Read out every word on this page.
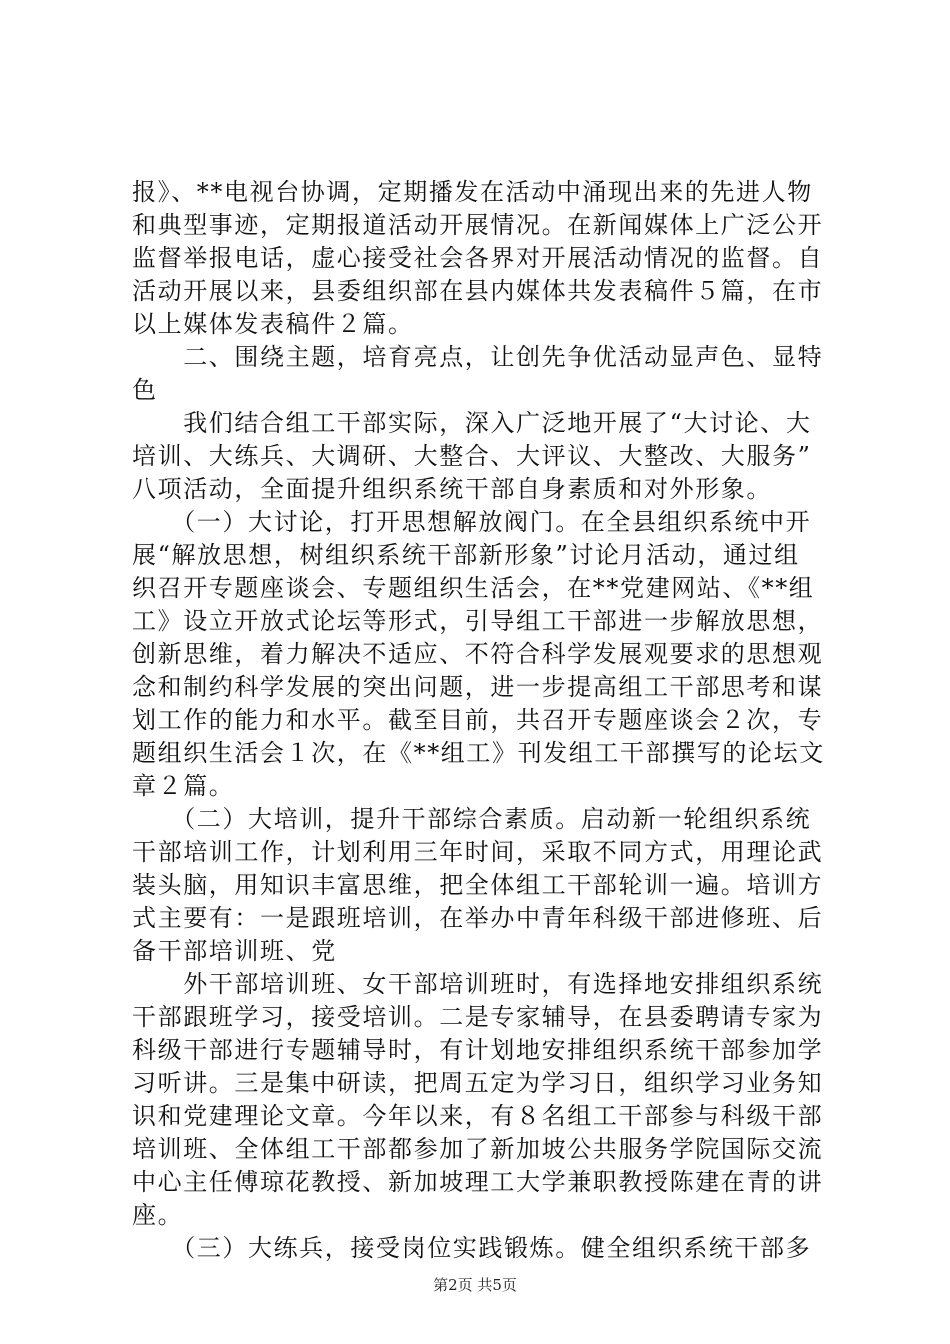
报》、**电视台协调，定期播发在活动中涌现出来的先进人物
和典型事迹，定期报道活动开展情况。在新闻媒体上广泛公开
监督举报电话，虚心接受社会各界对开展活动情况的监督。自
活动开展以来，县委组织部在县内媒体共发表稿件５篇，在市
以上媒体发表稿件２篇。
　　二、围绕主题，培育亮点，让创先争优活动显声色、显特
色
　　我们结合组工干部实际，深入广泛地开展了“大讨论、大
培训、大练兵、大调研、大整合、大评议、大整改、大服务”
八项活动，全面提升组织系统干部自身素质和对外形象。
　　（一）大讨论，打开思想解放阀门。在全县组织系统中开
展“解放思想，树组织系统干部新形象”讨论月活动，通过组
织召开专题座谈会、专题组织生活会，在**党建网站、《**组
工》设立开放式论坛等形式，引导组工干部进一步解放思想，
创新思维，着力解决不适应、不符合科学发展观要求的思想观
念和制约科学发展的突出问题，进一步提高组工干部思考和谋
划工作的能力和水平。截至目前，共召开专题座谈会２次，专
题组织生活会１次，在《**组工》刊发组工干部撰写的论坛文
章２篇。
　　（二）大培训，提升干部综合素质。启动新一轮组织系统
干部培训工作，计划利用三年时间，采取不同方式，用理论武
装头脑，用知识丰富思维，把全体组工干部轮训一遍。培训方
式主要有：一是跟班培训，在举办中青年科级干部进修班、后
备干部培训班、党
　　外干部培训班、女干部培训班时，有选择地安排组织系统
干部跟班学习，接受培训。二是专家辅导，在县委聘请专家为
科级干部进行专题辅导时，有计划地安排组织系统干部参加学
习听讲。三是集中研读，把周五定为学习日，组织学习业务知
识和党建理论文章。今年以来，有８名组工干部参与科级干部
培训班、全体组工干部都参加了新加坡公共服务学院国际交流
中心主任傅琼花教授、新加坡理工大学兼职教授陈建在青的讲
座。
　　（三）大练兵，接受岗位实践锻炼。健全组织系统干部多
第2页 共5页
